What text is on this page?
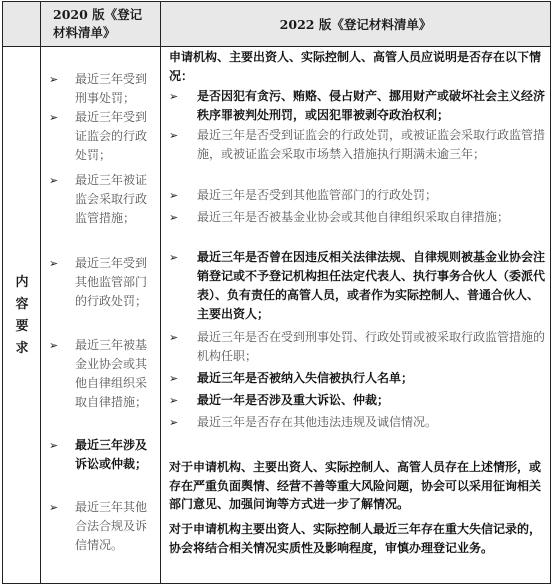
2020 版《登记材料清单》
2022 版《登记材料清单》
内容要求
➢ 最近三年受到刑事处罚；
➢ 最近三年受到证监会的行政处罚；
➢ 最近三年被证监会采取行政监管措施；
➢ 最近三年受到其他监管部门的行政处罚；
➢ 最近三年被基金业协会或其他自律组织采取自律措施；
➢ 最近三年涉及诉讼或仲裁；
➢ 最近三年其他合法合规及诉信情况。
申请机构、主要出资人、实际控制人、高管人员应说明是否存在以下情况：
➢ 是否因犯有贪污、贿赂、侵占财产、挪用财产或破坏社会主义经济秩序罪被判处刑罚，或因犯罪被剥夺政治权利；
➢ 最近三年是否受到证监会的行政处罚，或被证监会采取行政监管措施，或被证监会采取市场禁入措施执行期满未逾三年；
➢ 最近三年是否受到其他监管部门的行政处罚；
➢ 最近三年是否被基金业协会或其他自律组织采取自律措施；
➢ 最近三年是否曾在因违反相关法律法规、自律规则被基金业协会注销登记或不予登记机构担任法定代表人、执行事务合伙人（委派代表）、负有责任的高管人员，或者作为实际控制人、普通合伙人、主要出资人；
➢ 最近三年是否在受到刑事处罚、行政处罚或被采取行政监管措施的机构任职；
➢ 最近三年是否被纳入失信被执行人名单；
➢ 最近一年是否涉及重大诉讼、仲裁；
➢ 最近三年是否存在其他违法违规及诚信情况。
对于申请机构、主要出资人、实际控制人、高管人员存在上述情形，或存在严重负面舆情、经营不善等重大风险问题，协会可以采用征询相关部门意见、加强问询等方式进一步了解情况。
对于申请机构主要出资人、实际控制人最近三年存在重大失信记录的，协会将结合相关情况实质性及影响程度，审慎办理登记业务。
